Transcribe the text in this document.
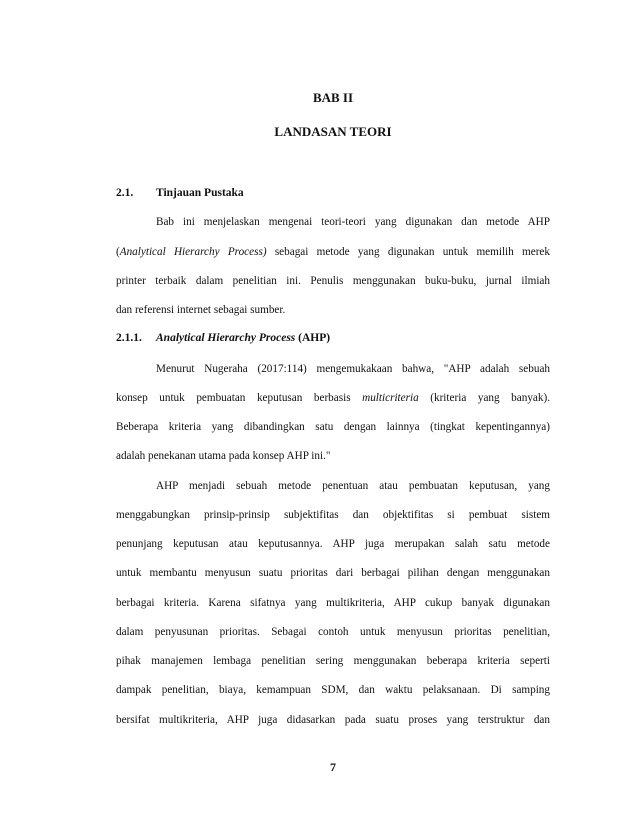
BAB II
LANDASAN TEORI
2.1. Tinjauan Pustaka
Bab ini menjelaskan mengenai teori-teori yang digunakan dan metode AHP
(Analytical Hierarchy Process) sebagai metode yang digunakan untuk memilih merek
printer terbaik dalam penelitian ini. Penulis menggunakan buku-buku, jurnal ilmiah
dan referensi internet sebagai sumber.
2.1.1. Analytical Hierarchy Process (AHP)
Menurut Nugeraha (2017:114) mengemukakaan bahwa, "AHP adalah sebuah
konsep untuk pembuatan keputusan berbasis multicriteria (kriteria yang banyak).
Beberapa kriteria yang dibandingkan satu dengan lainnya (tingkat kepentingannya)
adalah penekanan utama pada konsep AHP ini."
AHP menjadi sebuah metode penentuan atau pembuatan keputusan, yang
menggabungkan prinsip-prinsip subjektifitas dan objektifitas si pembuat sistem
penunjang keputusan atau keputusannya. AHP juga merupakan salah satu metode
untuk membantu menyusun suatu prioritas dari berbagai pilihan dengan menggunakan
berbagai kriteria. Karena sifatnya yang multikriteria, AHP cukup banyak digunakan
dalam penyusunan prioritas. Sebagai contoh untuk menyusun prioritas penelitian,
pihak manajemen lembaga penelitian sering menggunakan beberapa kriteria seperti
dampak penelitian, biaya, kemampuan SDM, dan waktu pelaksanaan. Di samping
bersifat multikriteria, AHP juga didasarkan pada suatu proses yang terstruktur dan
7
